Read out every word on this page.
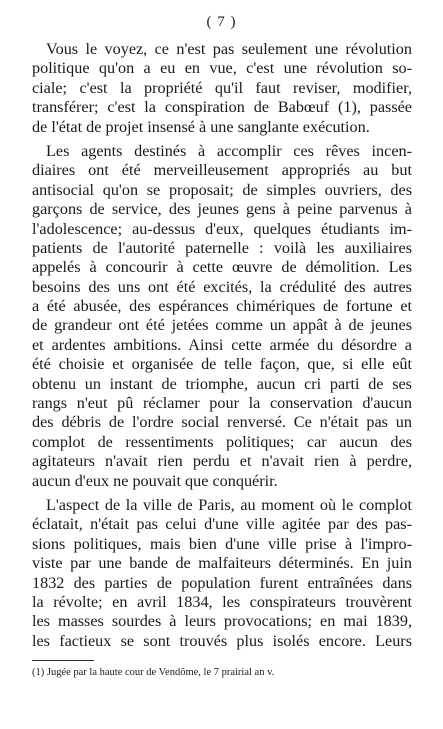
( 7 )
Vous le voyez, ce n'est pas seulement une révolution
politique qu'on a eu en vue, c'est une révolution so-
ciale; c'est la propriété qu'il faut reviser, modifier,
transférer; c'est la conspiration de Babœuf (1), passée
de l'état de projet insensé à une sanglante exécution.
Les agents destinés à accomplir ces rêves incen-
diaires ont été merveilleusement appropriés au but
antisocial qu'on se proposait; de simples ouvriers, des
garçons de service, des jeunes gens à peine parvenus à
l'adolescence; au-dessus d'eux, quelques étudiants im-
patients de l'autorité paternelle : voilà les auxiliaires
appelés à concourir à cette œuvre de démolition. Les
besoins des uns ont été excités, la crédulité des autres
a été abusée, des espérances chimériques de fortune et
de grandeur ont été jetées comme un appât à de jeunes
et ardentes ambitions. Ainsi cette armée du désordre a
été choisie et organisée de telle façon, que, si elle eût
obtenu un instant de triomphe, aucun cri parti de ses
rangs n'eut pû réclamer pour la conservation d'aucun
des débris de l'ordre social renversé. Ce n'était pas un
complot de ressentiments politiques; car aucun des
agitateurs n'avait rien perdu et n'avait rien à perdre,
aucun d'eux ne pouvait que conquérir.
L'aspect de la ville de Paris, au moment où le complot
éclatait, n'était pas celui d'une ville agitée par des pas-
sions politiques, mais bien d'une ville prise à l'impro-
viste par une bande de malfaiteurs déterminés. En juin
1832 des parties de population furent entraînées dans
la révolte; en avril 1834, les conspirateurs trouvèrent
les masses sourdes à leurs provocations; en mai 1839,
les factieux se sont trouvés plus isolés encore. Leurs
(1) Jugée par la haute cour de Vendôme, le 7 prairial an v.
